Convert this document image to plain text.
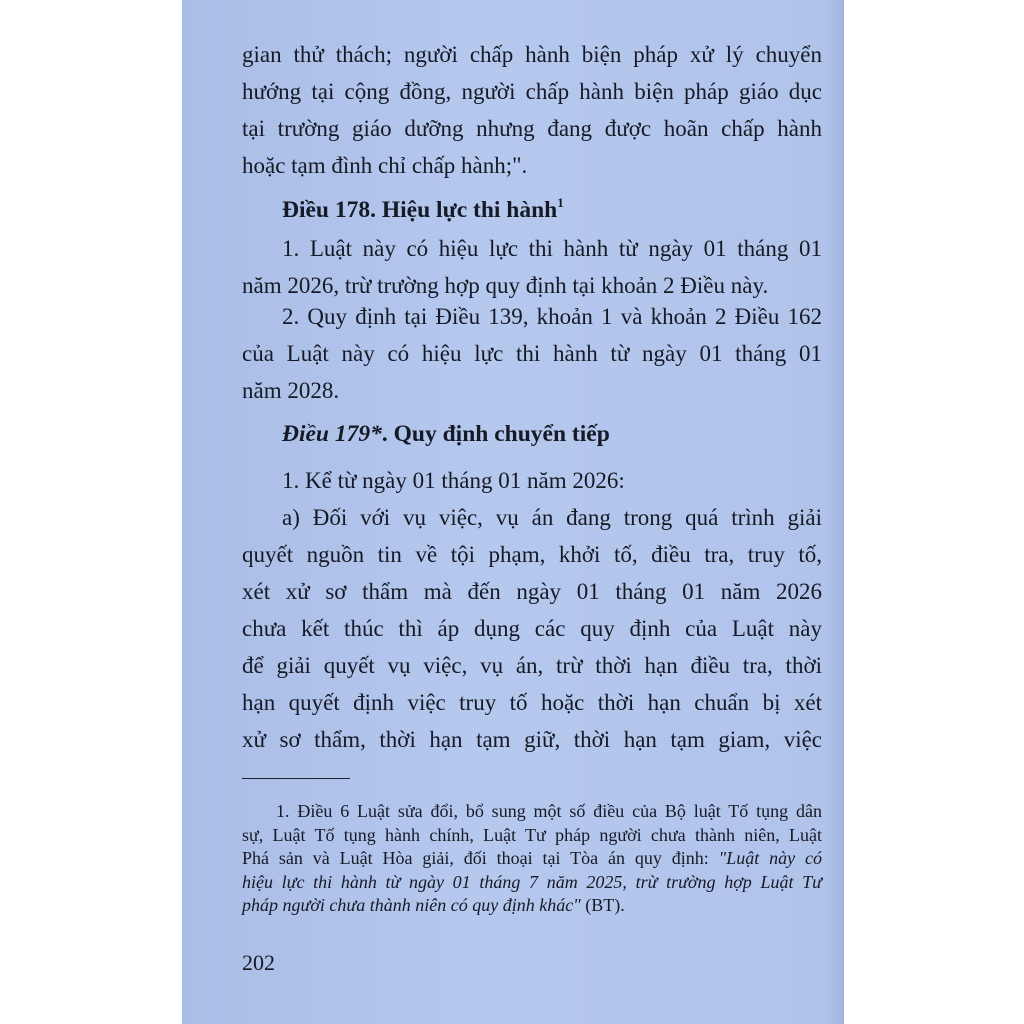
gian thử thách; người chấp hành biện pháp xử lý chuyển
hướng tại cộng đồng, người chấp hành biện pháp giáo dục
tại trường giáo dưỡng nhưng đang được hoãn chấp hành
hoặc tạm đình chỉ chấp hành;".
Điều 178. Hiệu lực thi hành$^1$
1. Luật này có hiệu lực thi hành từ ngày 01 tháng 01
năm 2026, trừ trường hợp quy định tại khoản 2 Điều này.
2. Quy định tại Điều 139, khoản 1 và khoản 2 Điều 162
của Luật này có hiệu lực thi hành từ ngày 01 tháng 01
năm 2028.
Điều 179*. Quy định chuyển tiếp
1. Kể từ ngày 01 tháng 01 năm 2026:
a) Đối với vụ việc, vụ án đang trong quá trình giải
quyết nguồn tin về tội phạm, khởi tố, điều tra, truy tố,
xét xử sơ thẩm mà đến ngày 01 tháng 01 năm 2026
chưa kết thúc thì áp dụng các quy định của Luật này
để giải quyết vụ việc, vụ án, trừ thời hạn điều tra, thời
hạn quyết định việc truy tố hoặc thời hạn chuẩn bị xét
xử sơ thẩm, thời hạn tạm giữ, thời hạn tạm giam, việc
1. Điều 6 Luật sửa đổi, bổ sung một số điều của Bộ luật Tố tụng dân
sự, Luật Tố tụng hành chính, Luật Tư pháp người chưa thành niên, Luật
Phá sản và Luật Hòa giải, đối thoại tại Tòa án quy định: "Luật này có
hiệu lực thi hành từ ngày 01 tháng 7 năm 2025, trừ trường hợp Luật Tư
pháp người chưa thành niên có quy định khác" (BT).
202
